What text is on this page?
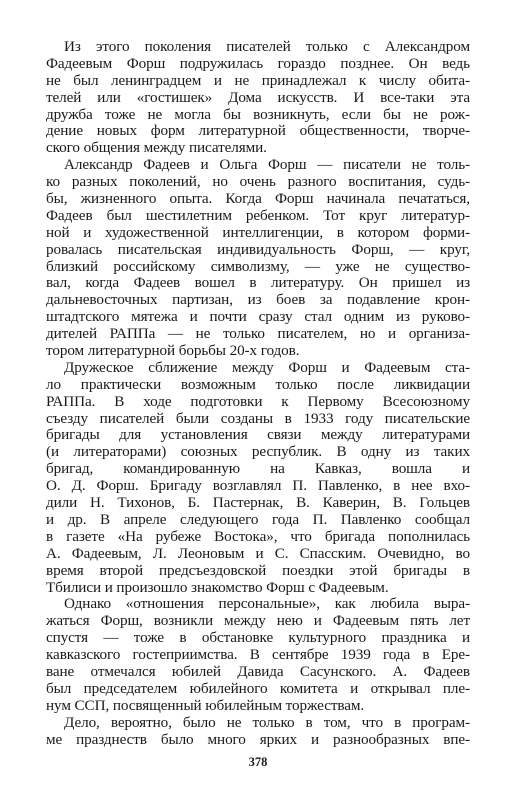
Из этого поколения писателей только с Александром
Фадеевым Форш подружилась гораздо позднее. Он ведь
не был ленинградцем и не принадлежал к числу обита-
телей или «гостишек» Дома искусств. И все-таки эта
дружба тоже не могла бы возникнуть, если бы не рож-
дение новых форм литературной общественности, творче-
ского общения между писателями.
Александр Фадеев и Ольга Форш — писатели не толь-
ко разных поколений, но очень разного воспитания, судь-
бы, жизненного опыта. Когда Форш начинала печататься,
Фадеев был шестилетним ребенком. Тот круг литератур-
ной и художественной интеллигенции, в котором форми-
ровалась писательская индивидуальность Форш, — круг,
близкий российскому символизму, — уже не существо-
вал, когда Фадеев вошел в литературу. Он пришел из
дальневосточных партизан, из боев за подавление крон-
штадтского мятежа и почти сразу стал одним из руково-
дителей РАППа — не только писателем, но и организа-
тором литературной борьбы 20-х годов.
Дружеское сближение между Форш и Фадеевым ста-
ло практически возможным только после ликвидации
РАППа. В ходе подготовки к Первому Всесоюзному
съезду писателей были созданы в 1933 году писательские
бригады для установления связи между литературами
(и литераторами) союзных республик. В одну из таких
бригад, командированную на Кавказ, вошла и
О. Д. Форш. Бригаду возглавлял П. Павленко, в нее вхо-
дили Н. Тихонов, Б. Пастернак, В. Каверин, В. Гольцев
и др. В апреле следующего года П. Павленко сообщал
в газете «На рубеже Востока», что бригада пополнилась
А. Фадеевым, Л. Леоновым и С. Спасским. Очевидно, во
время второй предсъездовской поездки этой бригады в
Тбилиси и произошло знакомство Форш с Фадеевым.
Однако «отношения персональные», как любила выра-
жаться Форш, возникли между нею и Фадеевым пять лет
спустя — тоже в обстановке культурного праздника и
кавказского гостеприимства. В сентябре 1939 года в Ере-
ване отмечался юбилей Давида Сасунского. А. Фадеев
был председателем юбилейного комитета и открывал пле-
нум ССП, посвященный юбилейным торжествам.
Дело, вероятно, было не только в том, что в програм-
ме празднеств было много ярких и разнообразных впе-
378
